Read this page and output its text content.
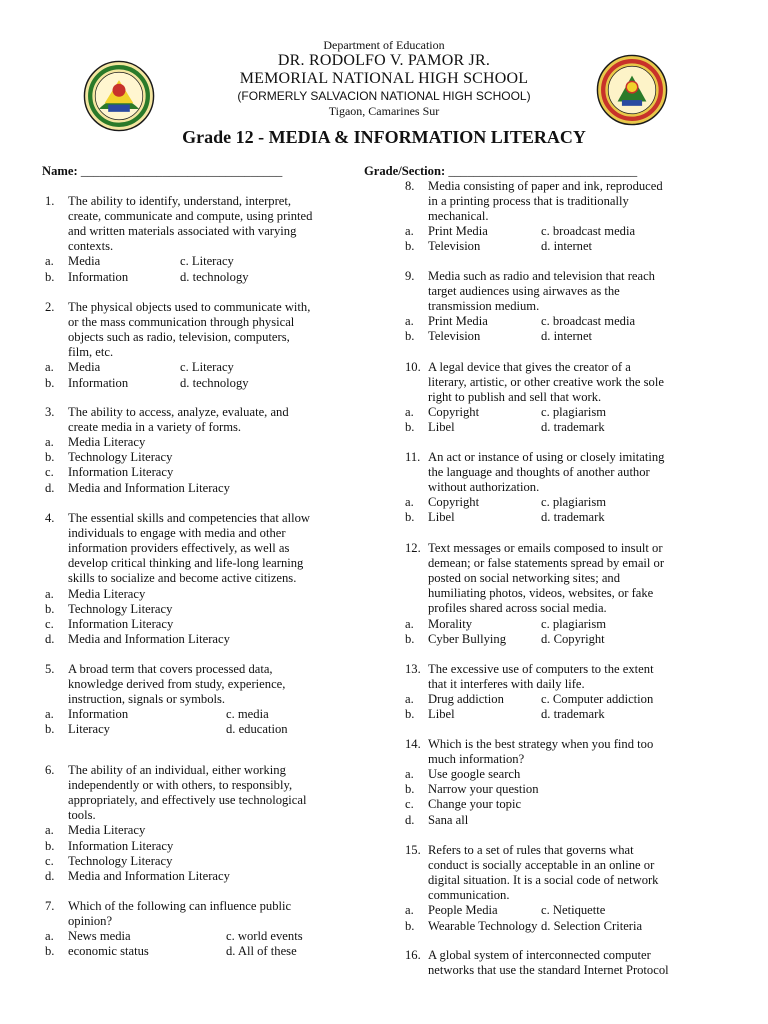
Department of Education
DR. RODOLFO V. PAMOR JR.
MEMORIAL NATIONAL HIGH SCHOOL
(FORMERLY SALVACION NATIONAL HIGH SCHOOL)
Tigaon, Camarines Sur
Grade 12 - MEDIA & INFORMATION LITERACY
Name: ________________________________	Grade/Section: ______________________________
1. The ability to identify, understand, interpret,
create, communicate and compute, using printed
and written materials associated with varying
contexts.
a. Media	c. Literacy
b. Information	d. technology
2. The physical objects used to communicate with,
or the mass communication through physical
objects such as radio, television, computers,
film, etc.
a. Media	c. Literacy
b. Information	d. technology
3. The ability to access, analyze, evaluate, and
create media in a variety of forms.
a. Media Literacy
b. Technology Literacy
c. Information Literacy
d. Media and Information Literacy
4. The essential skills and competencies that allow
individuals to engage with media and other
information providers effectively, as well as
develop critical thinking and life-long learning
skills to socialize and become active citizens.
a. Media Literacy
b. Technology Literacy
c. Information Literacy
d. Media and Information Literacy
5. A broad term that covers processed data,
knowledge derived from study, experience,
instruction, signals or symbols.
a. Information	c. media
b. Literacy	d. education
6. The ability of an individual, either working
independently or with others, to responsibly,
appropriately, and effectively use technological
tools.
a. Media Literacy
b. Information Literacy
c. Technology Literacy
d. Media and Information Literacy
7. Which of the following can influence public
opinion?
a. News media	c. world events
b. economic status	d. All of these
8. Media consisting of paper and ink, reproduced
in a printing process that is traditionally
mechanical.
a. Print Media	c. broadcast media
b. Television	d. internet
9. Media such as radio and television that reach
target audiences using airwaves as the
transmission medium.
a. Print Media	c. broadcast media
b. Television	d. internet
10. A legal device that gives the creator of a
literary, artistic, or other creative work the sole
right to publish and sell that work.
a. Copyright	c. plagiarism
b. Libel	d. trademark
11. An act or instance of using or closely imitating
the language and thoughts of another author
without authorization.
a. Copyright	c. plagiarism
b. Libel	d. trademark
12. Text messages or emails composed to insult or
demean; or false statements spread by email or
posted on social networking sites; and
humiliating photos, videos, websites, or fake
profiles shared across social media.
a. Morality	c. plagiarism
b. Cyber Bullying	d. Copyright
13. The excessive use of computers to the extent
that it interferes with daily life.
a. Drug addiction	c. Computer addiction
b. Libel	d. trademark
14. Which is the best strategy when you find too
much information?
a. Use google search
b. Narrow your question
c. Change your topic
d. Sana all
15. Refers to a set of rules that governs what
conduct is socially acceptable in an online or
digital situation. It is a social code of network
communication.
a. People Media	c. Netiquette
b. Wearable Technology d. Selection Criteria
16. A global system of interconnected computer
networks that use the standard Internet Protocol
